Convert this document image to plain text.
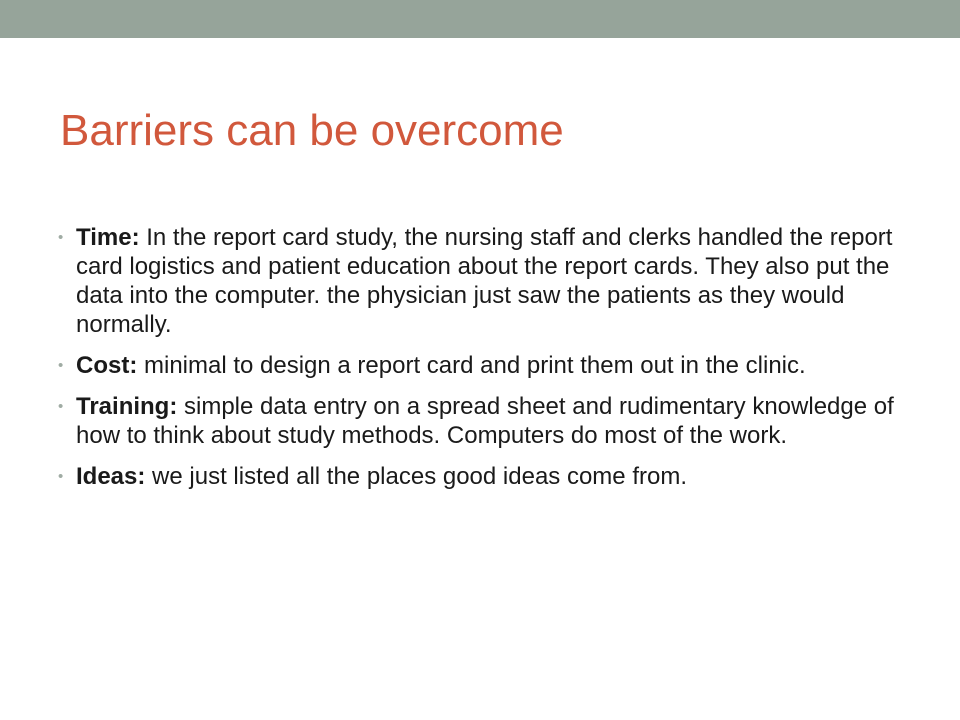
Barriers can be overcome
• Time: In the report card study, the nursing staff and clerks handled the report card logistics and patient education about the report cards. They also put the data into the computer. the physician just saw the patients as they would normally.
• Cost: minimal to design a report card and print them out in the clinic.
• Training: simple data entry on a spread sheet and rudimentary knowledge of how to think about study methods. Computers do most of the work.
• Ideas: we just listed all the places good ideas come from.
